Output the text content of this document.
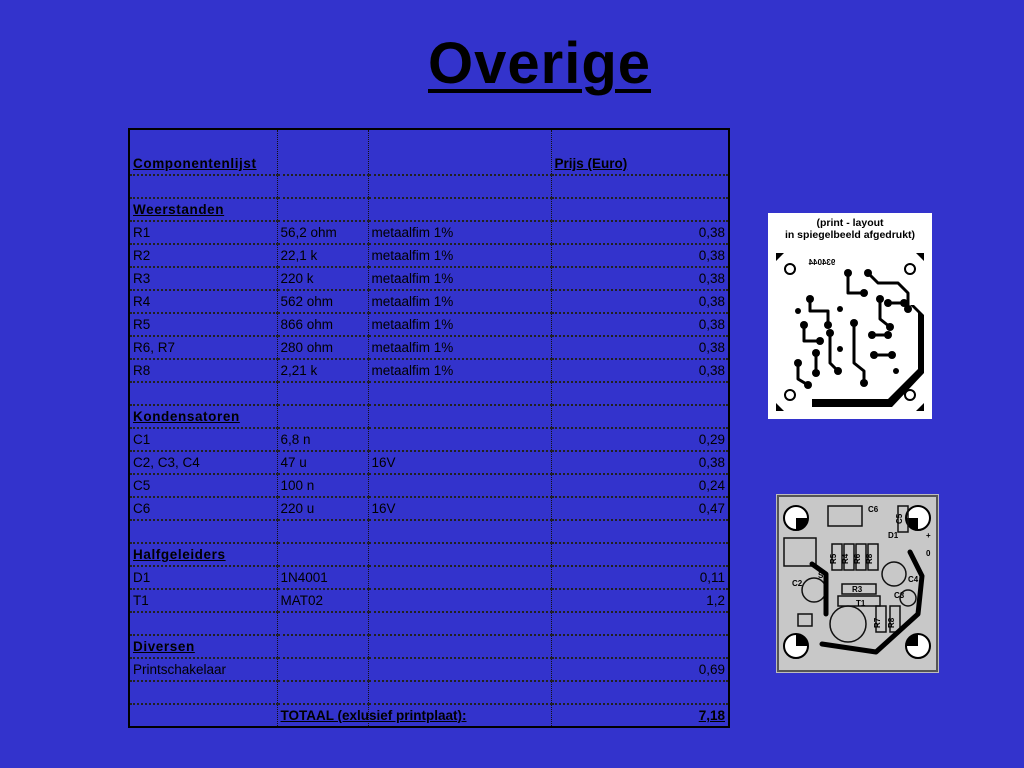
Overige
Componentenlijst			Prijs (Euro)

Weerstanden			
R1	56,2 ohm	metaalfim 1%	0,38
R2	22,1 k	metaalfim 1%	0,38
R3	220 k	metaalfim 1%	0,38
R4	562 ohm	metaalfim 1%	0,38
R5	866 ohm	metaalfim 1%	0,38
R6, R7	280 ohm	metaalfim 1%	0,38
R8	2,21 k	metaalfim 1%	0,38

Kondensatoren			
C1	6,8 n		0,29
C2, C3, C4	47 u	16V	0,38
C5	100 n		0,24
C6	220 u	16V	0,47

Halfgeleiders			
D1	1N4001		0,11
T1	MAT02		1,2

Diversen			
Printschakelaar			0,69

	TOTAAL (exlusief printplaat):		7,18
(print - layout
in spiegelbeeld afgedrukt)
934044
C6
C5
R5 R4 R6 R8
S1
C2	C4
R3
C3
T1
R7 R8
D1	+
0
